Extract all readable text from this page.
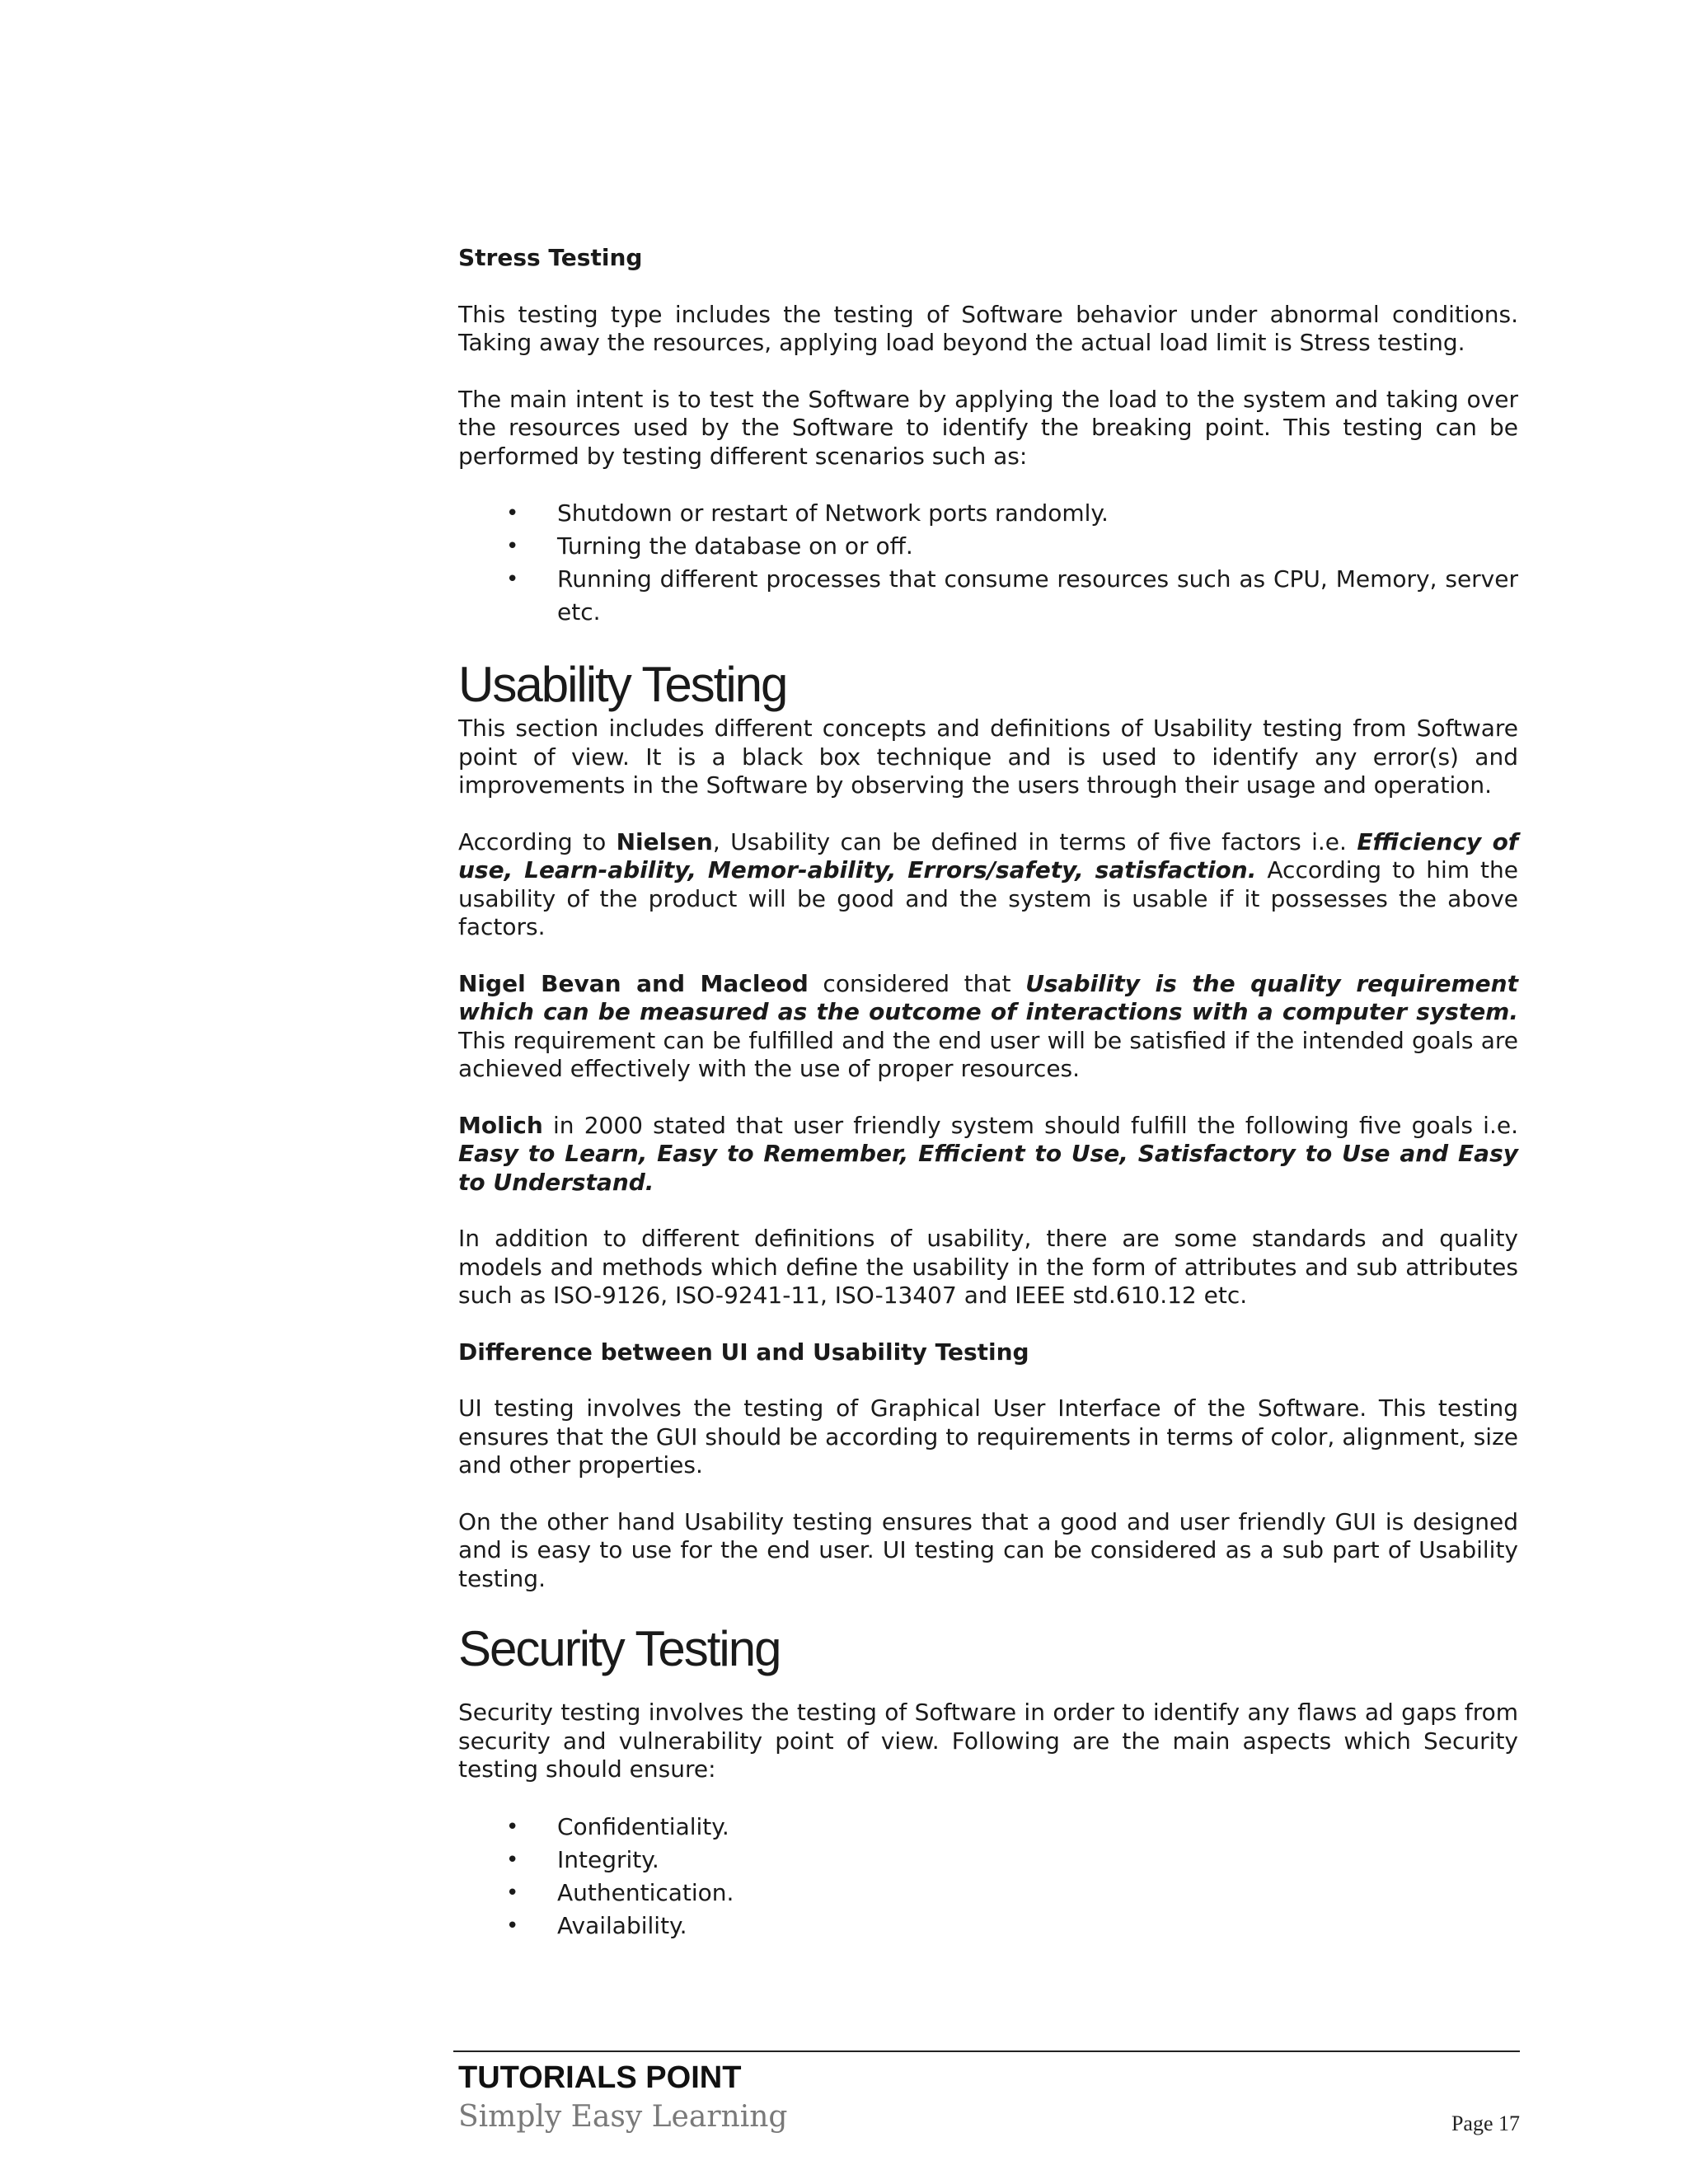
Stress Testing

This testing type includes the testing of Software behavior under abnormal conditions. Taking away the resources, applying load beyond the actual load limit is Stress testing.

The main intent is to test the Software by applying the load to the system and taking over the resources used by the Software to identify the breaking point. This testing can be performed by testing different scenarios such as:

• Shutdown or restart of Network ports randomly.
• Turning the database on or off.
• Running different processes that consume resources such as CPU, Memory, server etc.
Usability Testing

This section includes different concepts and definitions of Usability testing from Software point of view. It is a black box technique and is used to identify any error(s) and improvements in the Software by observing the users through their usage and operation.

According to Nielsen, Usability can be defined in terms of five factors i.e. Efficiency of use, Learn-ability, Memor-ability, Errors/safety, satisfaction. According to him the usability of the product will be good and the system is usable if it possesses the above factors.

Nigel Bevan and Macleod considered that Usability is the quality requirement which can be measured as the outcome of interactions with a computer system. This requirement can be fulfilled and the end user will be satisfied if the intended goals are achieved effectively with the use of proper resources.

Molich in 2000 stated that user friendly system should fulfill the following five goals i.e. Easy to Learn, Easy to Remember, Efficient to Use, Satisfactory to Use and Easy to Understand.

In addition to different definitions of usability, there are some standards and quality models and methods which define the usability in the form of attributes and sub attributes such as ISO-9126, ISO-9241-11, ISO-13407 and IEEE std.610.12 etc.

Difference between UI and Usability Testing

UI testing involves the testing of Graphical User Interface of the Software. This testing ensures that the GUI should be according to requirements in terms of color, alignment, size and other properties.

On the other hand Usability testing ensures that a good and user friendly GUI is designed and is easy to use for the end user. UI testing can be considered as a sub part of Usability testing.

Security Testing

Security testing involves the testing of Software in order to identify any flaws ad gaps from security and vulnerability point of view. Following are the main aspects which Security testing should ensure:

• Confidentiality.
• Integrity.
• Authentication.
• Availability.
TUTORIALS POINT
Simply Easy Learning	Page 17
